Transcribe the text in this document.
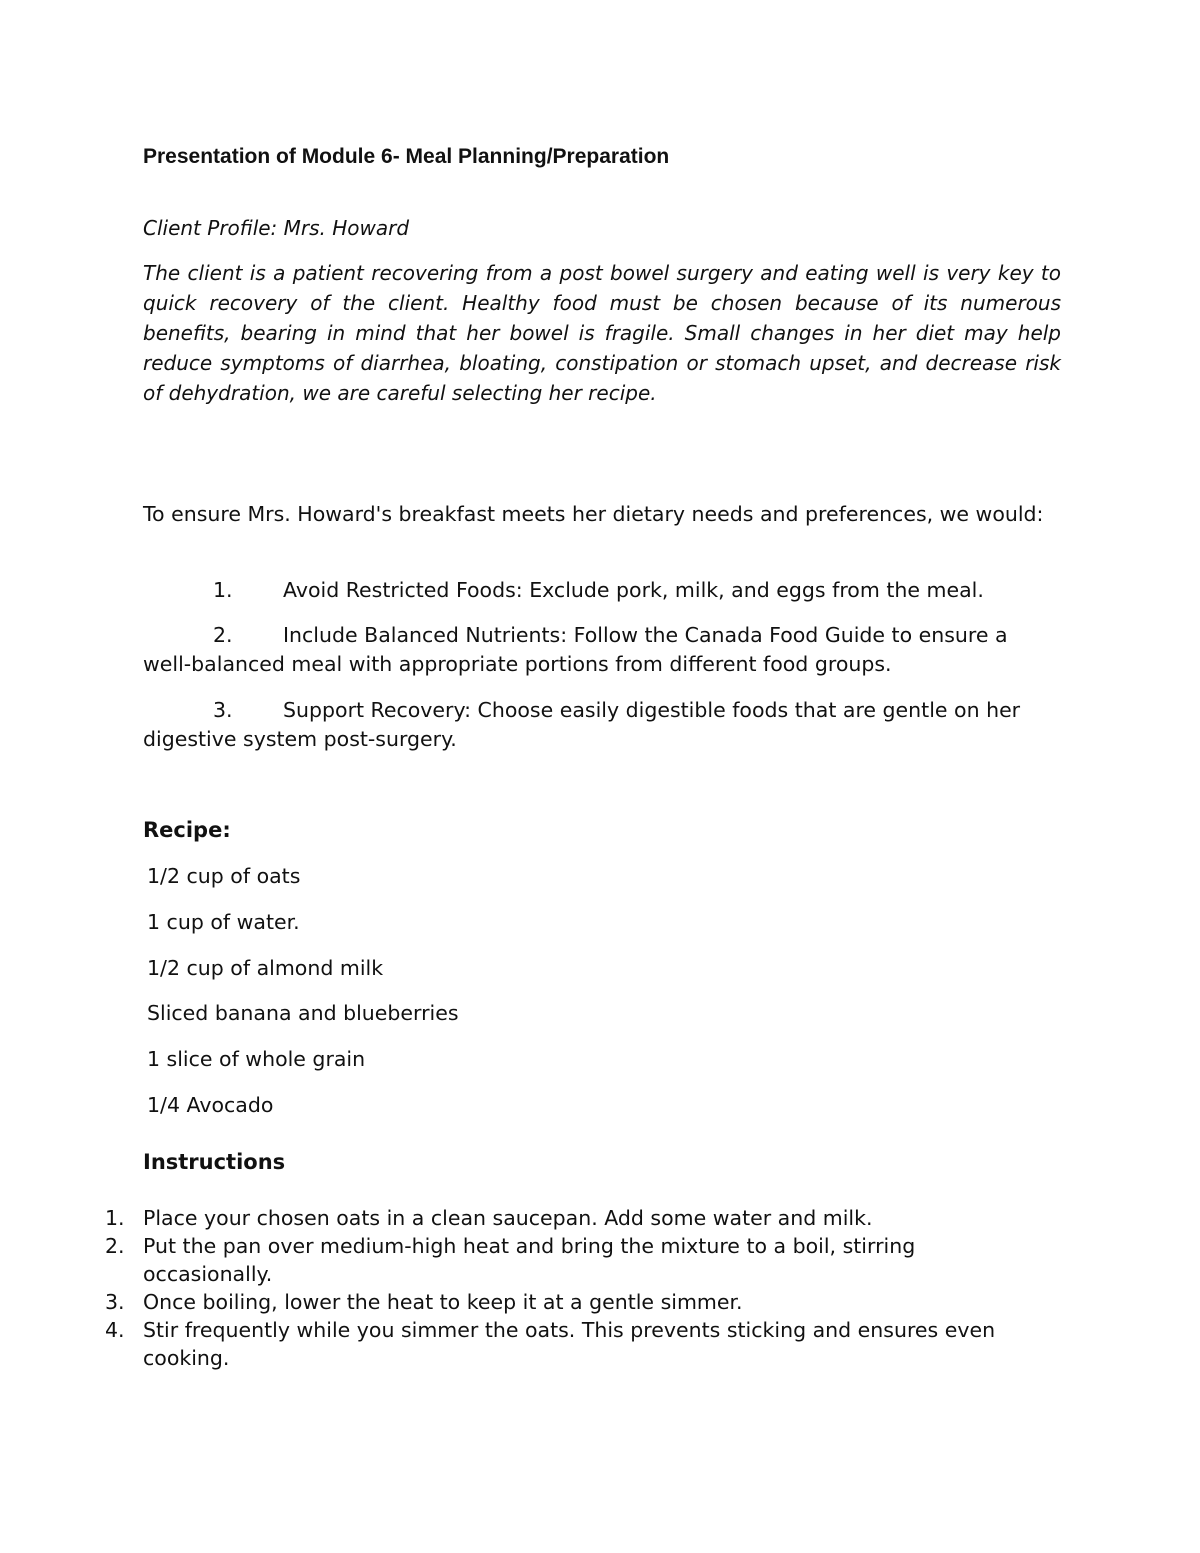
Presentation of Module 6- Meal Planning/Preparation
Client Profile: Mrs. Howard
The client is a patient recovering from a post bowel surgery and eating well is very key to quick recovery of the client. Healthy food must be chosen because of its numerous benefits, bearing in mind that her bowel is fragile. Small changes in her diet may help reduce symptoms of diarrhea, bloating, constipation or stomach upset, and decrease risk of dehydration, we are careful selecting her recipe.
To ensure Mrs. Howard's breakfast meets her dietary needs and preferences, we would:
1. Avoid Restricted Foods: Exclude pork, milk, and eggs from the meal.
2. Include Balanced Nutrients: Follow the Canada Food Guide to ensure a well-balanced meal with appropriate portions from different food groups.
3. Support Recovery: Choose easily digestible foods that are gentle on her digestive system post-surgery.
Recipe:
1/2 cup of oats
1 cup of water.
1/2 cup of almond milk
Sliced banana and blueberries
1 slice of whole grain
1/4 Avocado
Instructions
1. Place your chosen oats in a clean saucepan. Add some water and milk.
2. Put the pan over medium-high heat and bring the mixture to a boil, stirring occasionally.
3. Once boiling, lower the heat to keep it at a gentle simmer.
4. Stir frequently while you simmer the oats. This prevents sticking and ensures even cooking.
